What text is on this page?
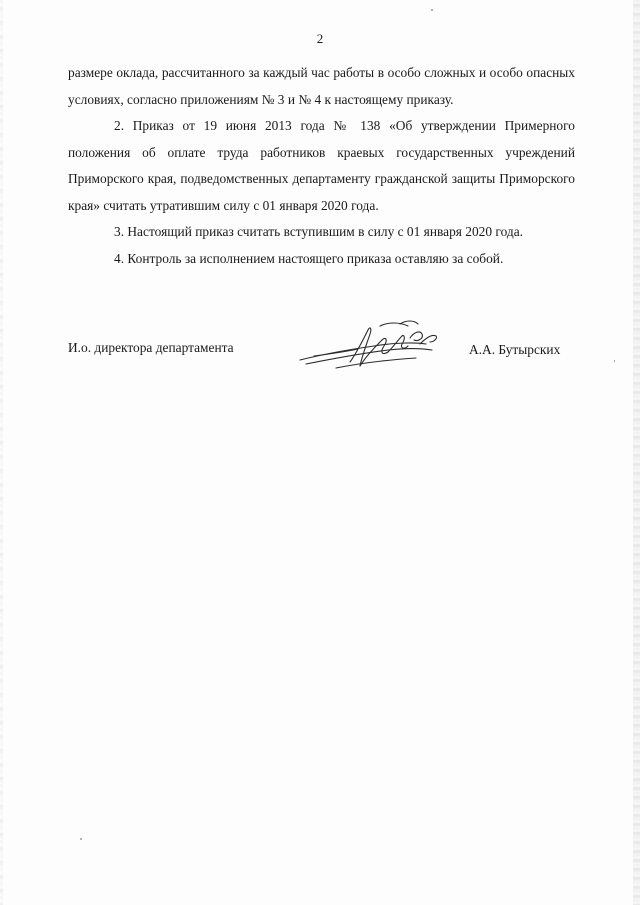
2

размере оклада, рассчитанного за каждый час работы в особо сложных и особо опасных условиях, согласно приложениям № 3 и № 4 к настоящему приказу.

2. Приказ от 19 июня 2013 года № 138 «Об утверждении Примерного положения об оплате труда работников краевых государственных учреждений Приморского края, подведомственных департаменту гражданской защиты Приморского края» считать утратившим силу с 01 января 2020 года.

3. Настоящий приказ считать вступившим в силу с 01 января 2020 года.

4. Контроль за исполнением настоящего приказа оставляю за собой.

И.о. директора департамента	А.А. Бутырских
